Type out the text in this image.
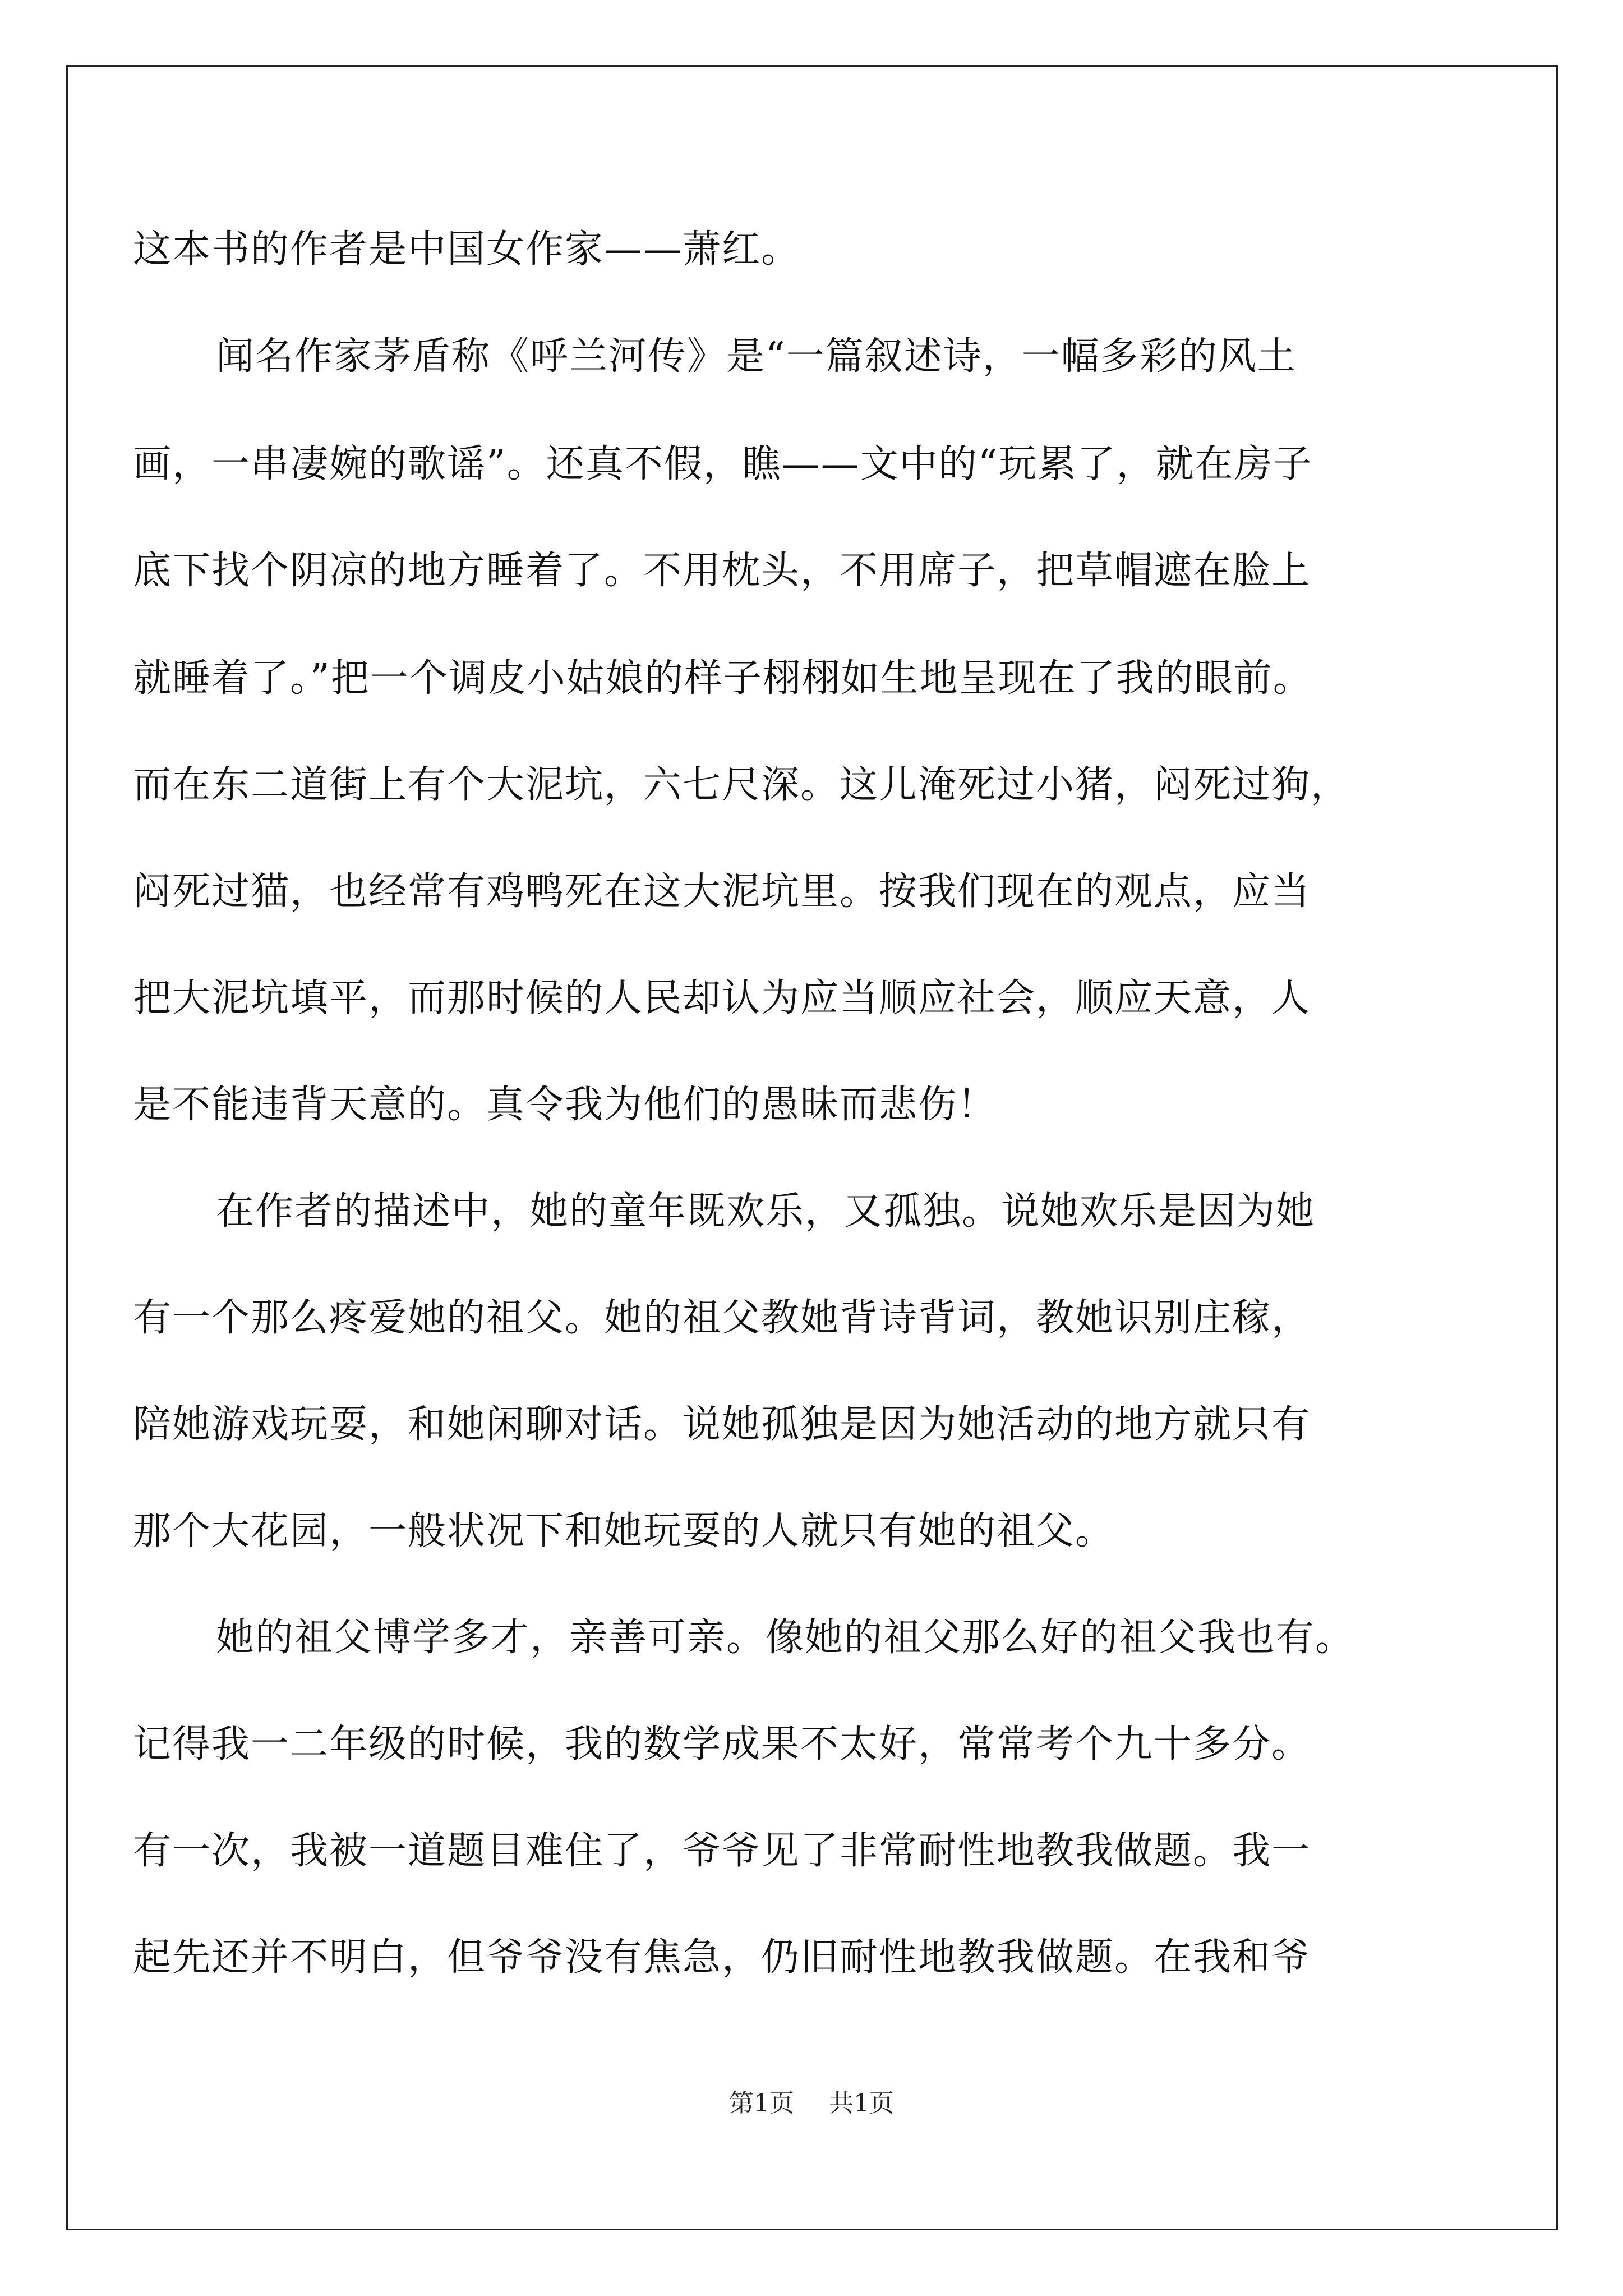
这本书的作者是中国女作家——萧红。
闻名作家茅盾称《呼兰河传》是“一篇叙述诗，一幅多彩的风土
画，一串凄婉的歌谣”。还真不假，瞧——文中的“玩累了，就在房子
底下找个阴凉的地方睡着了。不用枕头，不用席子，把草帽遮在脸上
就睡着了。”把一个调皮小姑娘的样子栩栩如生地呈现在了我的眼前。
而在东二道街上有个大泥坑，六七尺深。这儿淹死过小猪，闷死过狗，
闷死过猫，也经常有鸡鸭死在这大泥坑里。按我们现在的观点，应当
把大泥坑填平，而那时候的人民却认为应当顺应社会，顺应天意，人
是不能违背天意的。真令我为他们的愚昧而悲伤！
在作者的描述中，她的童年既欢乐，又孤独。说她欢乐是因为她
有一个那么疼爱她的祖父。她的祖父教她背诗背词，教她识别庄稼，
陪她游戏玩耍，和她闲聊对话。说她孤独是因为她活动的地方就只有
那个大花园，一般状况下和她玩耍的人就只有她的祖父。
她的祖父博学多才，亲善可亲。像她的祖父那么好的祖父我也有。
记得我一二年级的时候，我的数学成果不太好，常常考个九十多分。
有一次，我被一道题目难住了，爷爷见了非常耐性地教我做题。我一
起先还并不明白，但爷爷没有焦急，仍旧耐性地教我做题。在我和爷
第1页 共1页
